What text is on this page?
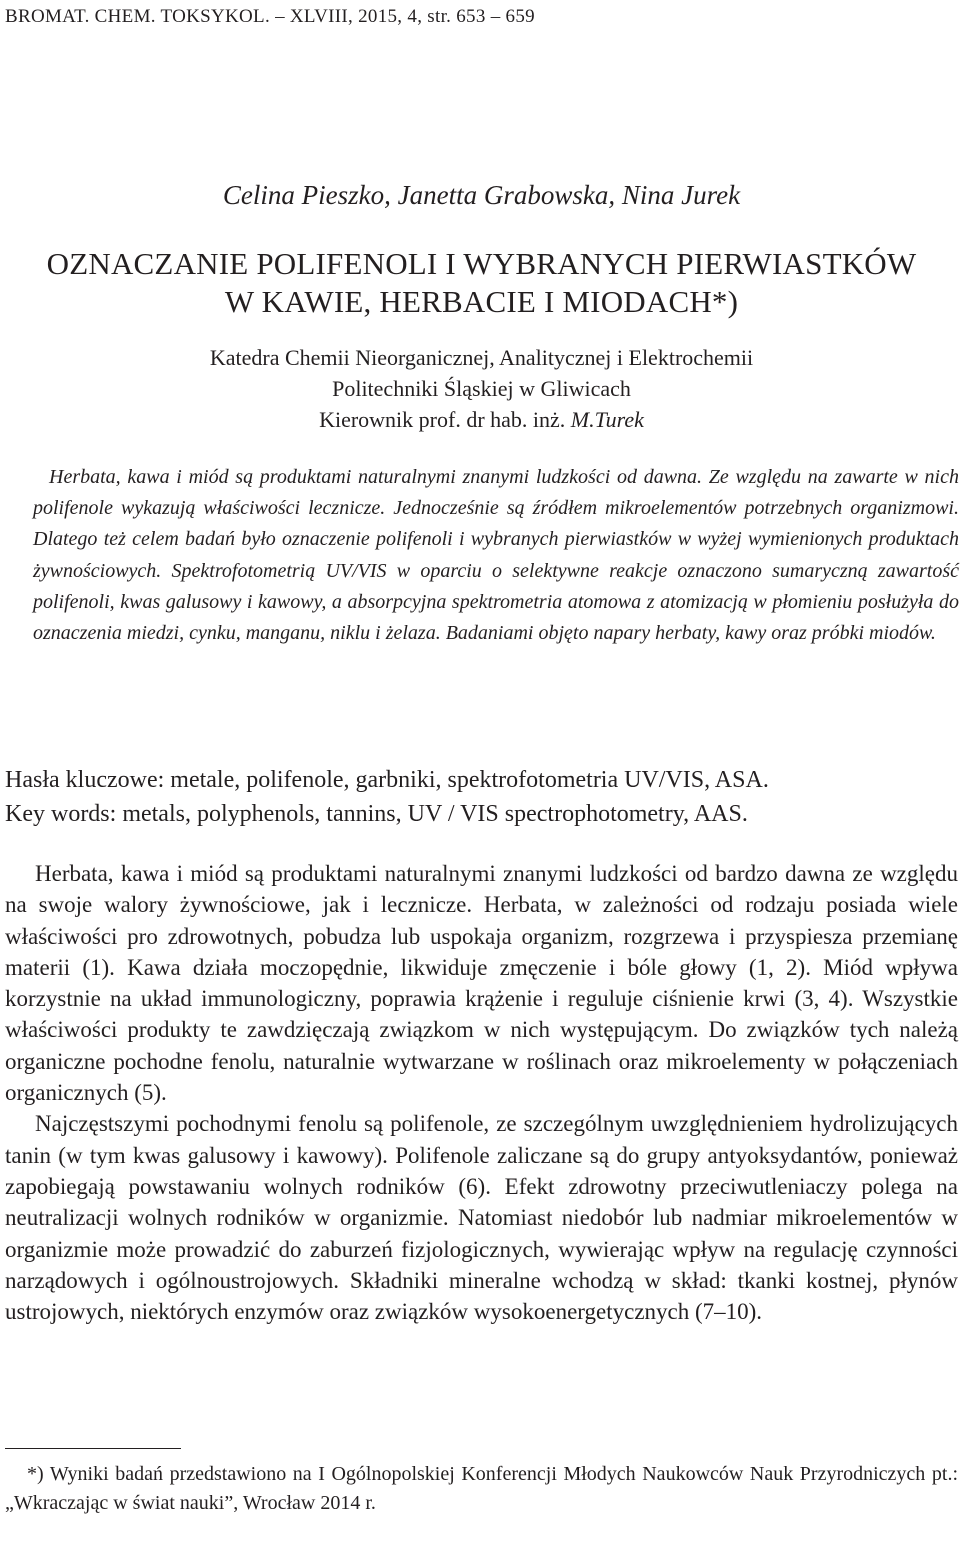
BROMAT. CHEM. TOKSYKOL. – XLVIII, 2015, 4, str. 653 – 659
Celina Pieszko, Janetta Grabowska, Nina Jurek
OZNACZANIE POLIFENOLI I WYBRANYCH PIERWIASTKÓW
W KAWIE, HERBACIE I MIODACH*)
Katedra Chemii Nieorganicznej, Analitycznej i Elektrochemii
Politechniki Śląskiej w Gliwicach
Kierownik prof. dr hab. inż. M.Turek
Herbata, kawa i miód są produktami naturalnymi znanymi ludzkości od dawna. Ze względu na zawarte w nich polifenole wykazują właściwości lecznicze. Jednocześnie są źródłem mikroelementów potrzebnych organizmowi. Dlatego też celem badań było oznaczenie polifenoli i wybranych pierwiastków w wyżej wymienionych produktach żywnościowych. Spektrofotometrią UV/VIS w oparciu o selektywne reakcje oznaczono sumaryczną zawartość polifenoli, kwas galusowy i kawowy, a absorpcyjna spektrometria atomowa z atomizacją w płomieniu posłużyła do oznaczenia miedzi, cynku, manganu, niklu i żelaza. Badaniami objęto napary herbaty, kawy oraz próbki miodów.
Hasła kluczowe: metale, polifenole, garbniki, spektrofotometria UV/VIS, ASA.
Key words: metals, polyphenols, tannins, UV / VIS spectrophotometry, AAS.

Herbata, kawa i miód są produktami naturalnymi znanymi ludzkości od bardzo dawna ze względu na swoje walory żywnościowe, jak i lecznicze. Herbata, w zależności od rodzaju posiada wiele właściwości pro zdrowotnych, pobudza lub uspokaja organizm, rozgrzewa i przyspiesza przemianę materii (1). Kawa działa moczopędnie, likwiduje zmęczenie i bóle głowy (1, 2). Miód wpływa korzystnie na układ immunologiczny, poprawia krążenie i reguluje ciśnienie krwi (3, 4). Wszystkie właściwości produkty te zawdzięczają związkom w nich występującym. Do związków tych należą organiczne pochodne fenolu, naturalnie wytwarzane w roślinach oraz mikroelementy w połączeniach organicznych (5).

Najczęstszymi pochodnymi fenolu są polifenole, ze szczególnym uwzględnieniem hydrolizujących tanin (w tym kwas galusowy i kawowy). Polifenole zaliczane są do grupy antyoksydantów, ponieważ zapobiegają powstawaniu wolnych rodników (6). Efekt zdrowotny przeciwutleniaczy polega na neutralizacji wolnych rodników w organizmie. Natomiast niedobór lub nadmiar mikroelementów w organizmie może prowadzić do zaburzeń fizjologicznych, wywierając wpływ na regulację czynności narządowych i ogólnoustrojowych. Składniki mineralne wchodzą w skład: tkanki kostnej, płynów ustrojowych, niektórych enzymów oraz związków wysokoenergetycznych (7–10).

*) Wyniki badań przedstawiono na I Ogólnopolskiej Konferencji Młodych Naukowców Nauk Przyrodniczych pt.: „Wkraczając w świat nauki”, Wrocław 2014 r.
